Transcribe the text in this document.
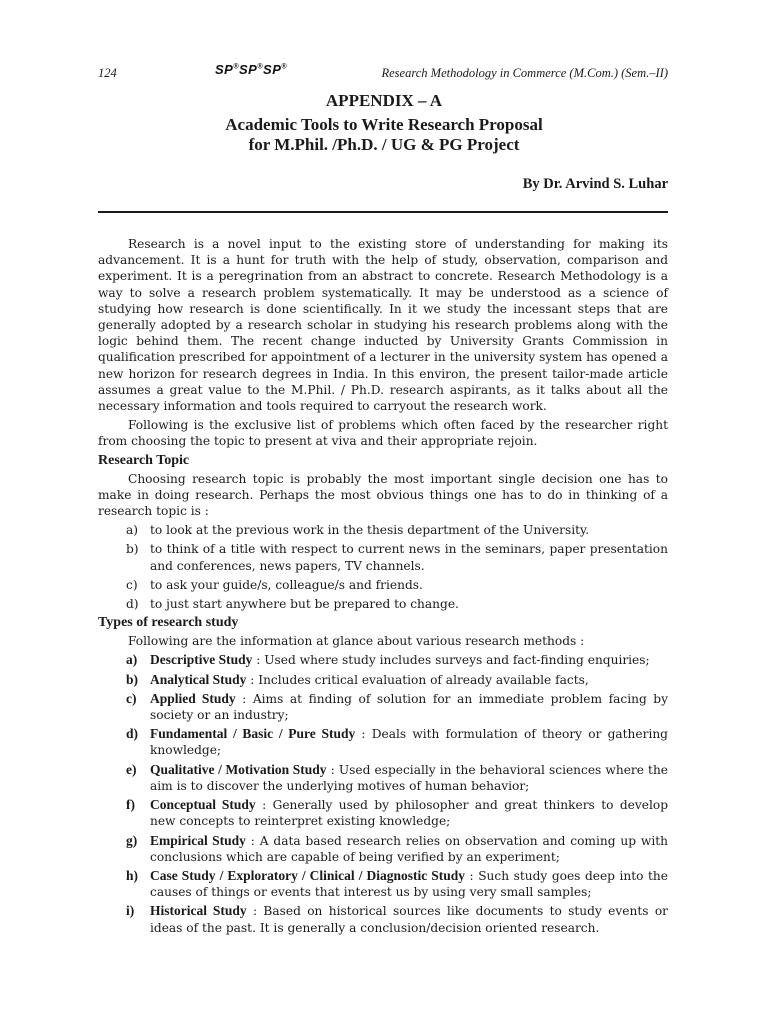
124	SP®SP®SP®	Research Methodology in Commerce (M.Com.) (Sem.–II)
APPENDIX – A
Academic Tools to Write Research Proposal
for M.Phil. /Ph.D. / UG & PG Project
By Dr. Arvind S. Luhar

Research is a novel input to the existing store of understanding for making its advancement. It is a hunt for truth with the help of study, observation, comparison and experiment. It is a peregrination from an abstract to concrete. Research Methodology is a way to solve a research problem systematically. It may be understood as a science of studying how research is done scientifically. In it we study the incessant steps that are generally adopted by a research scholar in studying his research problems along with the logic behind them. The recent change inducted by University Grants Commission in qualification prescribed for appointment of a lecturer in the university system has opened a new horizon for research degrees in India. In this environ, the present tailor-made article assumes a great value to the M.Phil. / Ph.D. research aspirants, as it talks about all the necessary information and tools required to carryout the research work.

Following is the exclusive list of problems which often faced by the researcher right from choosing the topic to present at viva and their appropriate rejoin.

Research Topic

Choosing research topic is probably the most important single decision one has to make in doing research. Perhaps the most obvious things one has to do in thinking of a research topic is :

a) to look at the previous work in the thesis department of the University.
b) to think of a title with respect to current news in the seminars, paper presentation and conferences, news papers, TV channels.
c) to ask your guide/s, colleague/s and friends.
d) to just start anywhere but be prepared to change.
Types of research study

Following are the information at glance about various research methods :

a) Descriptive Study : Used where study includes surveys and fact-finding enquiries;
b) Analytical Study : Includes critical evaluation of already available facts,
c) Applied Study : Aims at finding of solution for an immediate problem facing by society or an industry;
d) Fundamental / Basic / Pure Study : Deals with formulation of theory or gathering knowledge;
e) Qualitative / Motivation Study : Used especially in the behavioral sciences where the aim is to discover the underlying motives of human behavior;
f) Conceptual Study : Generally used by philosopher and great thinkers to develop new concepts to reinterpret existing knowledge;
g) Empirical Study : A data based research relies on observation and coming up with conclusions which are capable of being verified by an experiment;
h) Case Study / Exploratory / Clinical / Diagnostic Study : Such study goes deep into the causes of things or events that interest us by using very small samples;
i) Historical Study : Based on historical sources like documents to study events or ideas of the past. It is generally a conclusion/decision oriented research.
